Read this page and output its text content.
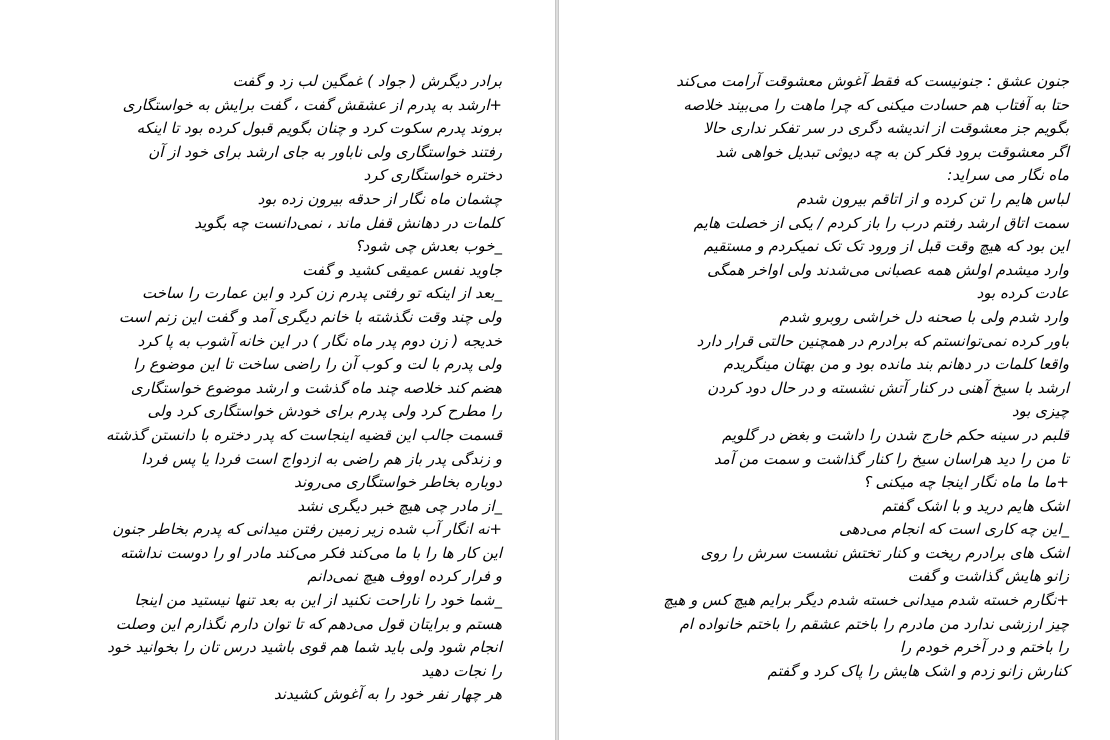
برادر دیگرش ( جواد ) غمگین لب زد و گفت
+ارشد به پدرم از عشقش گفت ، گفت برایش به خواستگاری
بروند پدرم سکوت کرد و چنان بگویم قبول کرده بود تا اینکه
رفتند خواستگاری ولی ناباور به جای ارشد برای خود از آن
دختره خواستگاری کرد
چشمان ماه نگار از حدقه بیرون زده بود
کلمات در دهانش قفل ماند ، نمی‌دانست چه بگوید
_خوب بعدش چی شود؟
جاوید نفس عمیقی کشید و گفت
_بعد از اینکه تو رفتی پدرم زن کرد و این عمارت را ساخت
ولی چند وقت نگذشته با خانم دیگری آمد و گفت این زنم است
خدیجه ( زن دوم پدر ماه نگار ) در این خانه آشوب به پا کرد
ولی پدرم با لت و کوب آن را راضی ساخت تا این موضوع را
هضم کند خلاصه چند ماه گذشت و ارشد موضوع خواستگاری
را مطرح کرد ولی پدرم برای خودش خواستگاری کرد ولی
قسمت جالب این قضیه اینجاست که پدر دختره با دانستن گذشته
و زندگی پدر باز هم راضی به ازدواج است فردا یا پس فردا
دوباره بخاطر خواستگاری می‌روند
_از مادر چی هیچ خبر دیگری نشد
+نه انگار آب شده زیر زمین رفتن میدانی که پدرم بخاطر جنون
این کار ها را با ما می‌کند فکر می‌کند مادر او را دوست نداشته
و فرار کرده اووف هیچ نمی‌دانم
_شما خود را ناراحت نکنید از این به بعد تنها نیستید من اینجا
هستم و برایتان قول می‌دهم که تا توان دارم نگذارم این وصلت
انجام شود ولی باید شما هم قوی باشید درس تان را بخوانید خود
را نجات دهید
هر چهار نفر خود را به آغوش کشیدند
جنون عشق : جنونیست که فقط آغوش معشوقت آرامت می‌کند
حتا به آفتاب هم حسادت میکنی که چرا ماهت را می‌بیند خلاصه
بگویم جز معشوقت از اندیشه دگری در سر تفکر نداری حالا
اگر معشوقت برود فکر کن به چه دیوثی تبدیل خواهی شد
ماه نگار می سراید:
لباس هایم را تن کرده و از اتاقم بیرون شدم
سمت اتاق ارشد رفتم درب را باز کردم / یکی از خصلت هایم
این بود که هیچ وقت قبل از ورود تک تک نمیکردم و مستقیم
وارد میشدم اولش همه عصبانی می‌شدند ولی اواخر همگی
عادت کرده بود
وارد شدم ولی با صحنه دل خراشی روبرو شدم
باور کرده نمی‌توانستم که برادرم در همچنین حالتی قرار دارد
واقعا کلمات در دهانم بند مانده بود و من بهتان مینگریدم
ارشد با سیخ آهنی در کنار آتش نشسته و در حال دود کردن
چیزی بود
قلبم در سینه حکم خارج شدن را داشت و بغض در گلویم
تا من را دید هراسان سیخ را کنار گذاشت و سمت من آمد
+ما ما ماه نگار اینجا چه میکنی ؟
اشک هایم درید و با اشک گفتم
_این چه کاری است که انجام می‌دهی
اشک های برادرم ریخت و کنار تختش نشست سرش را روی
زانو هایش گذاشت و گفت
+نگارم خسته شدم میدانی خسته شدم دیگر برایم هیچ کس و هیچ
چیز ارزشی ندارد من مادرم را باختم عشقم را باختم خانواده ام
را باختم و در آخرم خودم را
کنارش زانو زدم و اشک هایش را پاک کرد و گفتم
